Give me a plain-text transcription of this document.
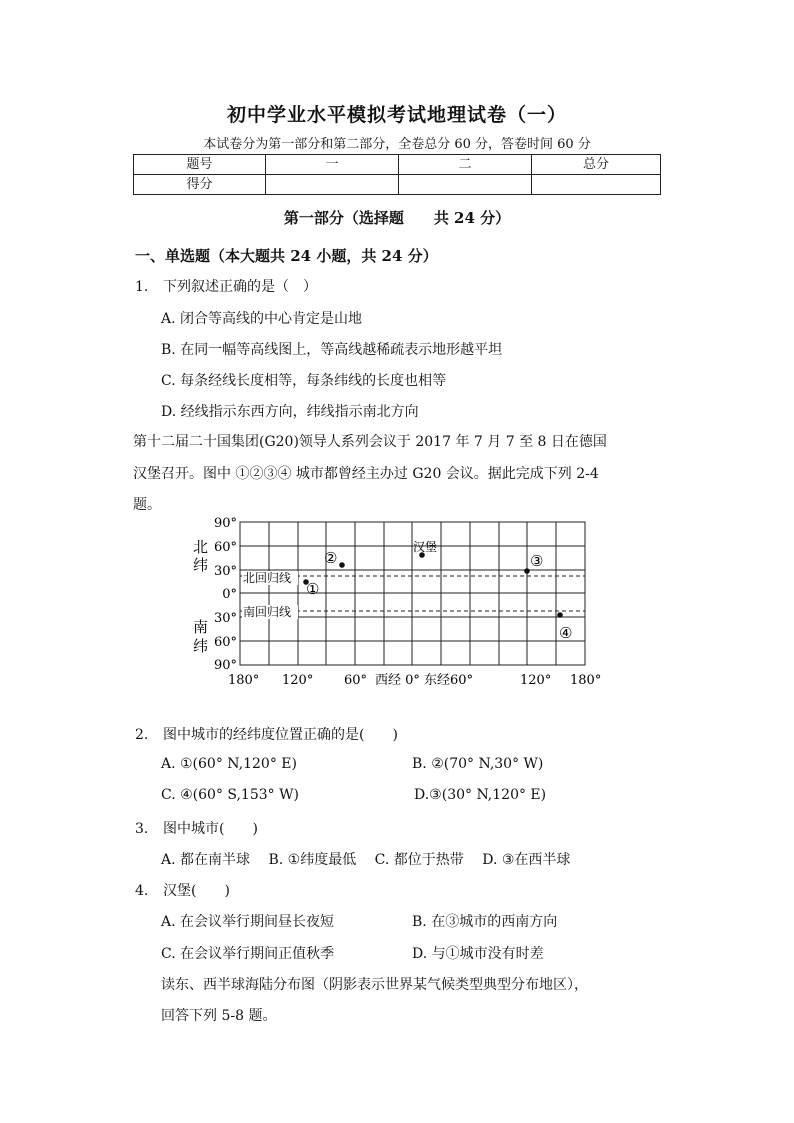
初中学业水平模拟考试地理试卷（一）
本试卷分为第一部分和第二部分，全卷总分 60 分，答卷时间 60 分
题号	一	二	总分
得分			
第一部分（选择题　　共 24 分）
一、单选题（本大题共 24 小题，共 24 分）
1. 下列叙述正确的是（　）
A. 闭合等高线的中心肯定是山地
B. 在同一幅等高线图上，等高线越稀疏表示地形越平坦
C. 每条经线长度相等，每条纬线的长度也相等
D. 经线指示东西方向，纬线指示南北方向
第十二届二十国集团(G20)领导人系列会议于 2017 年 7 月 7 至 8 日在德国
汉堡召开。图中 ①②③④ 城市都曾经主办过 G20 会议。据此完成下列 2-4
题。
北回归线
南回归线
90°
60°
30°
0°
30°
60°
90°
北
纬
南
纬
180° 120° 60° 西经 0° 东经60°	120° 180°
①
②
汉堡
③
④
2. 图中城市的经纬度位置正确的是(　　)
A. ①(60° N,120° E)	B. ②(70° N,30° W)
C. ④(60° S,153° W)	D.③(30° N,120° E)
3. 图中城市(　　)
A. 都在南半球　 B. ①纬度最低　 C. 都位于热带　 D. ③在西半球
4. 汉堡(　　)
A. 在会议举行期间昼长夜短	B. 在③城市的西南方向
C. 在会议举行期间正值秋季	D. 与①城市没有时差
读东、西半球海陆分布图（阴影表示世界某气候类型典型分布地区），
回答下列 5-8 题。
